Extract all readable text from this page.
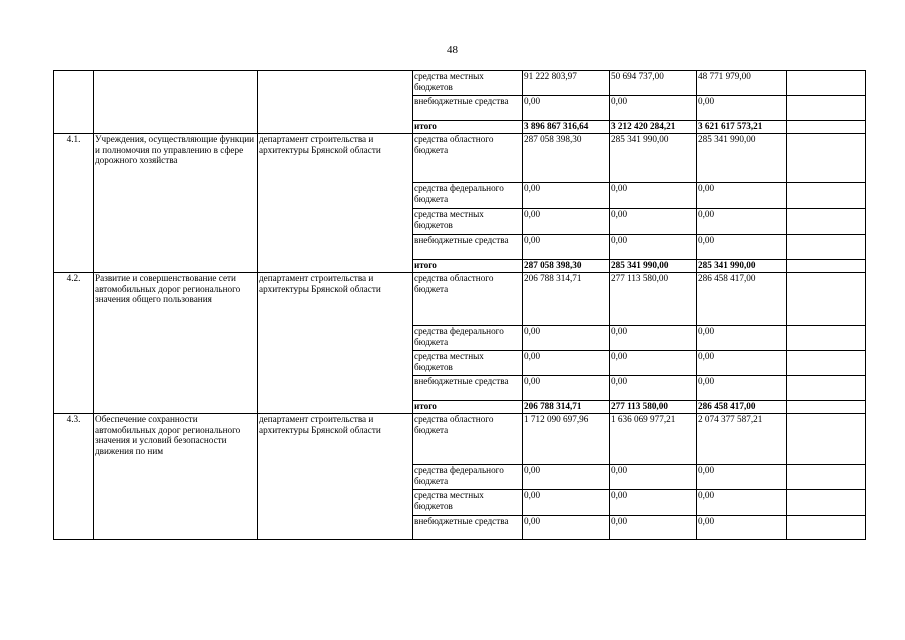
48
			средства местных бюджетов	91 222 803,97	50 694 737,00	48 771 979,00	
			внебюджетные средства	0,00	0,00	0,00	
			итого	3 896 867 316,64	3 212 420 284,21	3 621 617 573,21	
4.1.	Учреждения, осуществляющие функции и полномочия по управлению в сфере дорожного хозяйства	департамент строительства и архитектуры Брянской области	средства областного бюджета	287 058 398,30	285 341 990,00	285 341 990,00	
			средства федерального бюджета	0,00	0,00	0,00	
			средства местных бюджетов	0,00	0,00	0,00	
			внебюджетные средства	0,00	0,00	0,00	
			итого	287 058 398,30	285 341 990,00	285 341 990,00	
4.2.	Развитие и совершенствование сети автомобильных дорог регионального значения общего пользования	департамент строительства и архитектуры Брянской области	средства областного бюджета	206 788 314,71	277 113 580,00	286 458 417,00	
			средства федерального бюджета	0,00	0,00	0,00	
			средства местных бюджетов	0,00	0,00	0,00	
			внебюджетные средства	0,00	0,00	0,00	
			итого	206 788 314,71	277 113 580,00	286 458 417,00	
4.3.	Обеспечение сохранности автомобильных дорог регионального значения и условий безопасности движения по ним	департамент строительства и архитектуры Брянской области	средства областного бюджета	1 712 090 697,96	1 636 069 977,21	2 074 377 587,21	
			средства федерального бюджета	0,00	0,00	0,00	
			средства местных бюджетов	0,00	0,00	0,00	
			внебюджетные средства	0,00	0,00	0,00	
